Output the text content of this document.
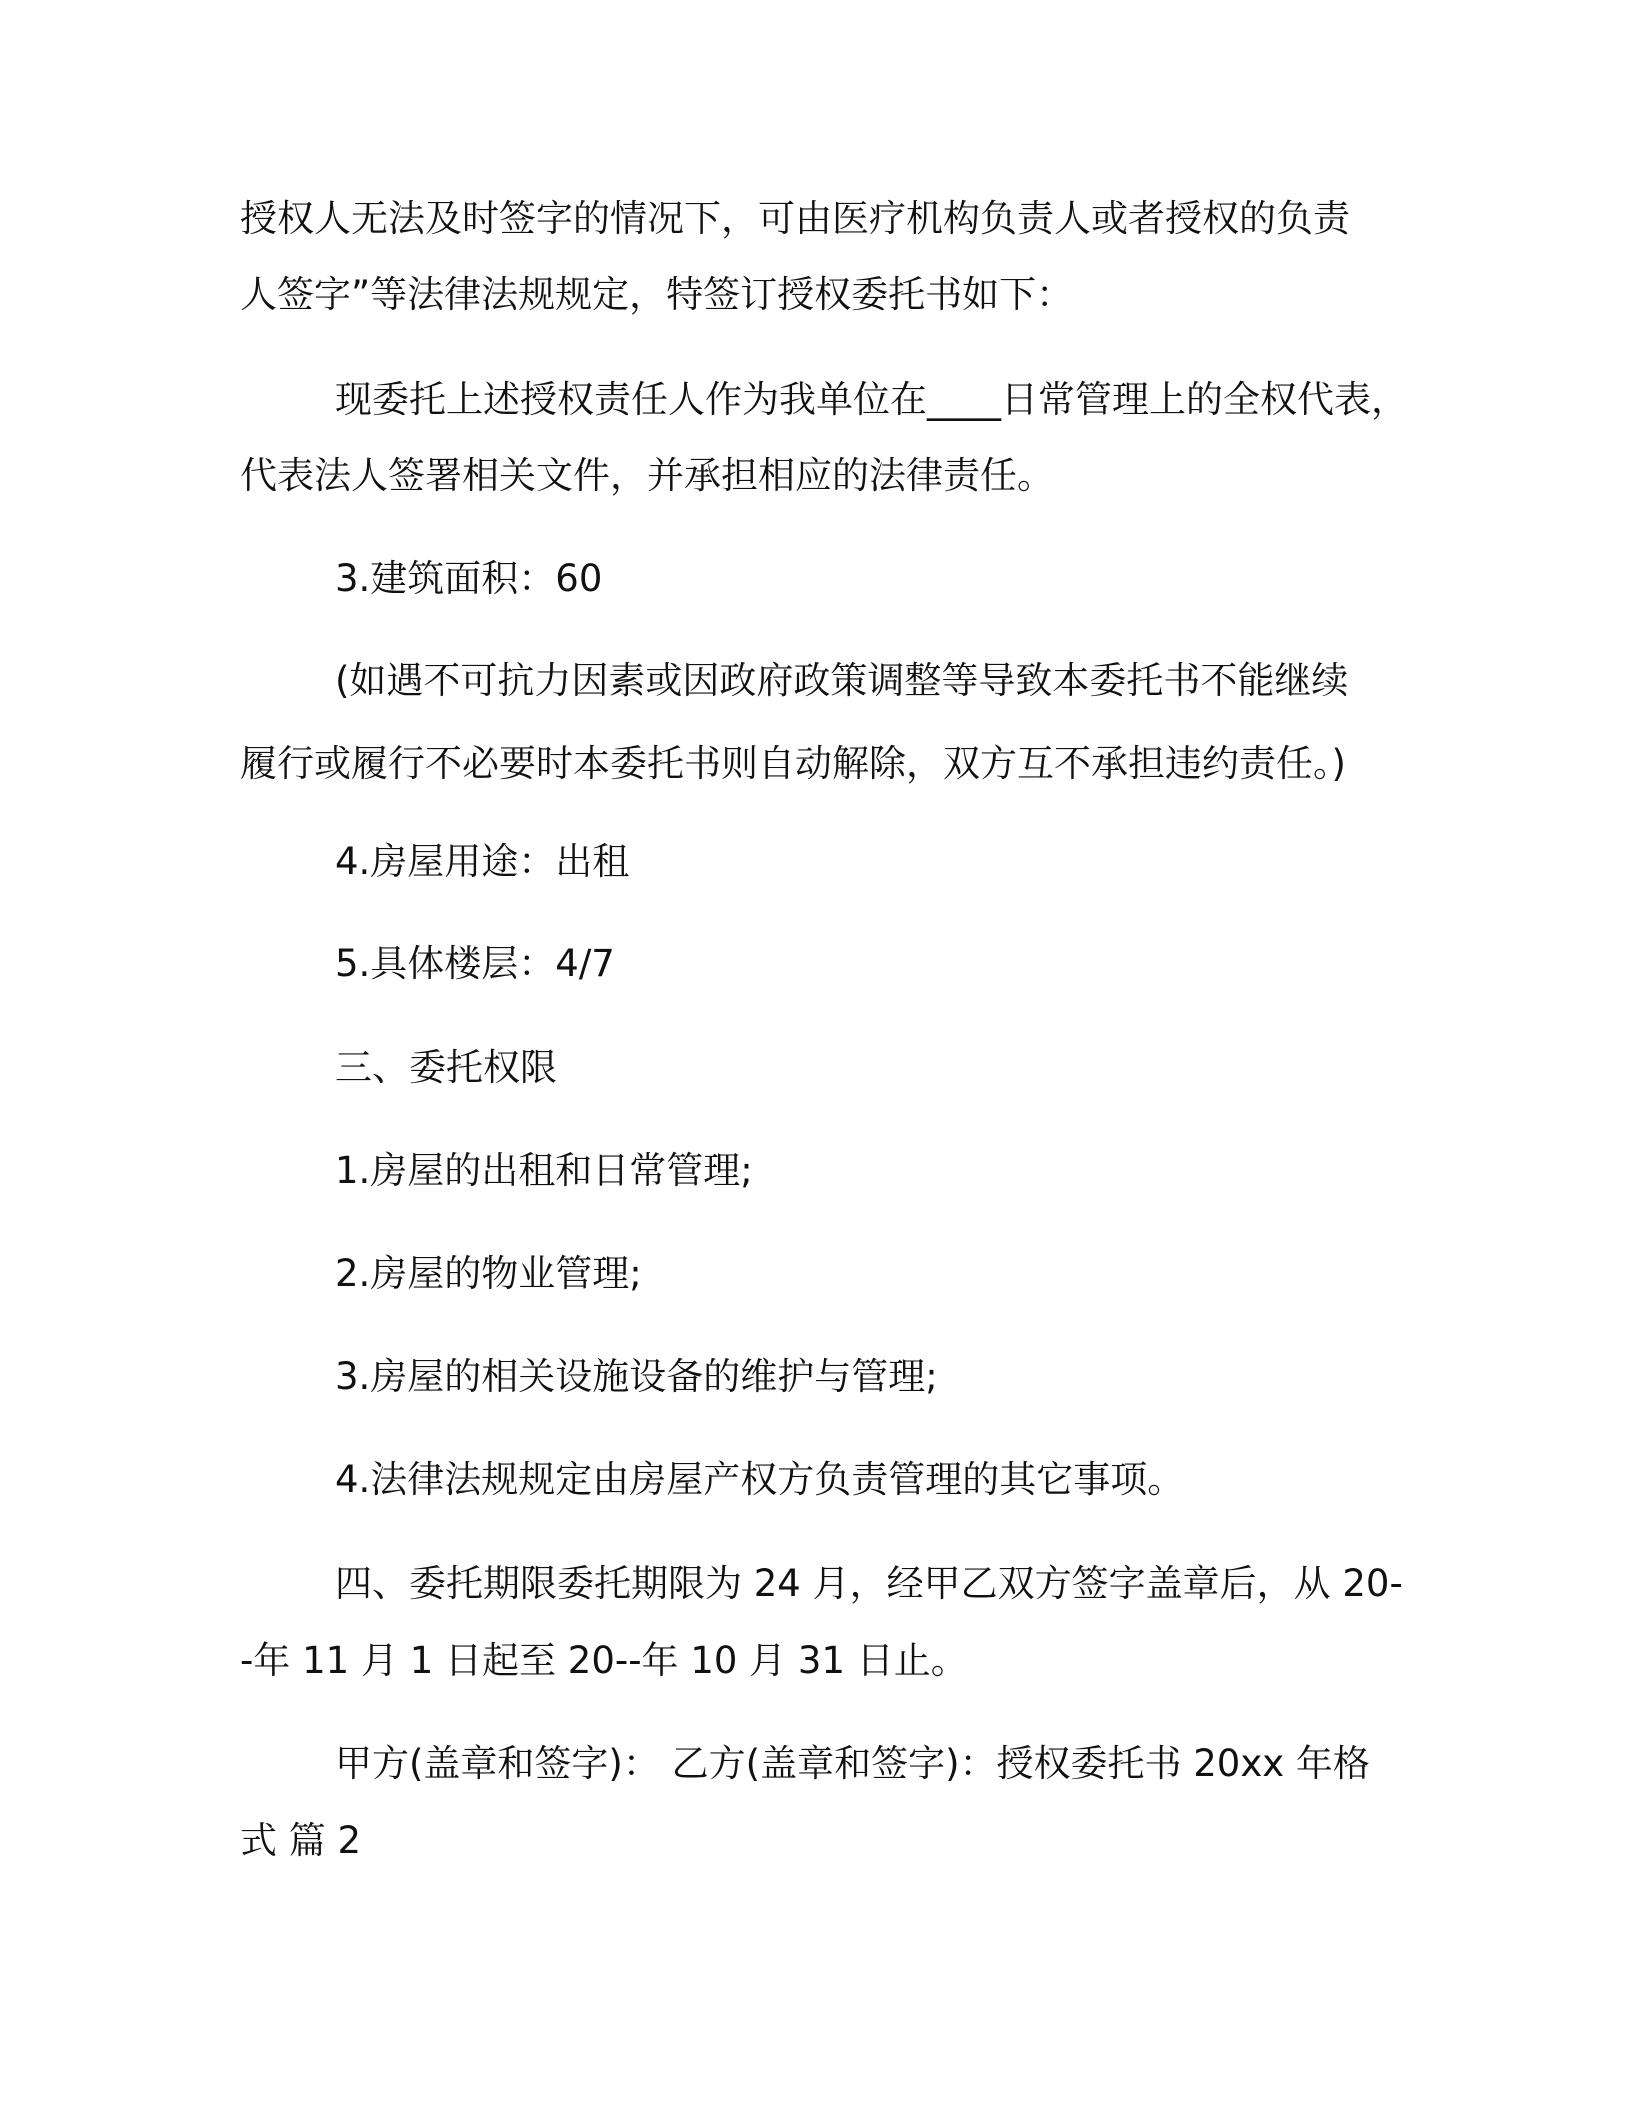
授权人无法及时签字的情况下，可由医疗机构负责人或者授权的负责
人签字”等法律法规规定，特签订授权委托书如下：
现委托上述授权责任人作为我单位在____日常管理上的全权代表，
代表法人签署相关文件，并承担相应的法律责任。
3.建筑面积：60
(如遇不可抗力因素或因政府政策调整等导致本委托书不能继续
履行或履行不必要时本委托书则自动解除，双方互不承担违约责任。)
4.房屋用途：出租
5.具体楼层：4/7
三、委托权限
1.房屋的出租和日常管理;
2.房屋的物业管理;
3.房屋的相关设施设备的维护与管理;
4.法律法规规定由房屋产权方负责管理的其它事项。
四、委托期限委托期限为 24 月，经甲乙双方签字盖章后，从 20-
-年 11 月 1 日起至 20--年 10 月 31 日止。
甲方(盖章和签字)： 乙方(盖章和签字)：授权委托书 20xx 年格
式 篇 2
